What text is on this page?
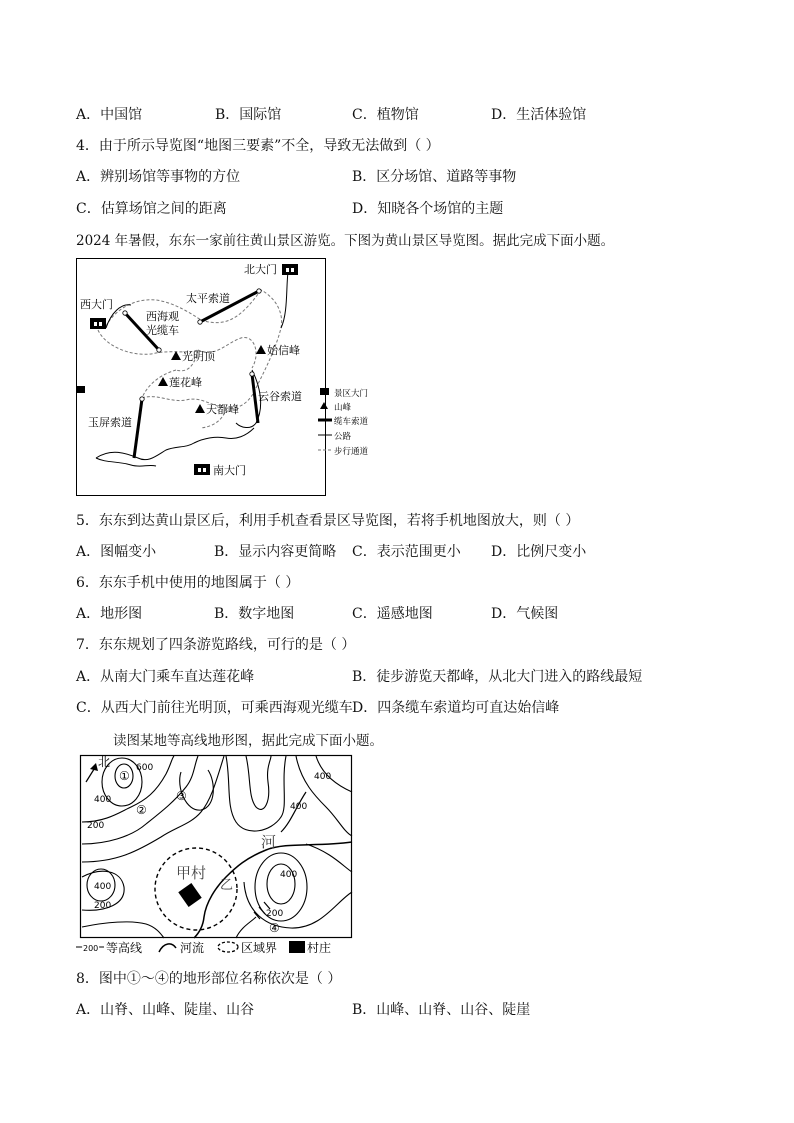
A．中国馆	B．国际馆	C．植物馆	D．生活体验馆
4．由于所示导览图“地图三要素”不全，导致无法做到（ ）
A．辨别场馆等事物的方位	B．区分场馆、道路等事物
C．估算场馆之间的距离	D．知晓各个场馆的主题
2024 年暑假，东东一家前往黄山景区游览。下图为黄山景区导览图。据此完成下面小题。
北大门
西大门
南大门
太平索道
西海观
光缆车
光明顶	始信峰
莲花峰
天都峰
云谷索道
玉屏索道
景区大门
山峰
缆车索道
公路
步行通道
5．东东到达黄山景区后，利用手机查看景区导览图，若将手机地图放大，则（ ）
A．图幅变小	B．显示内容更简略 C．表示范围更小 D．比例尺变小
6．东东手机中使用的地图属于（ ）
A．地形图	B．数字地图	C．遥感地图	D．气候图
7．东东规划了四条游览路线，可行的是（ ）
A．从南大门乘车直达莲花峰	B．徒步游览天都峰，从北大门进入的路线最短
C．从西大门前往光明顶，可乘西海观光缆车 D．四条缆车索道均可直达始信峰
读图某地等高线地形图，据此完成下面小题。
北
①
②
③
④
河
甲村
乙
600
400
400
400
400
400
200
200
200
200 等高线	河流	区域界 村庄
8．图中①～④的地形部位名称依次是（ ）
A．山脊、山峰、陡崖、山谷	B．山峰、山脊、山谷、陡崖
